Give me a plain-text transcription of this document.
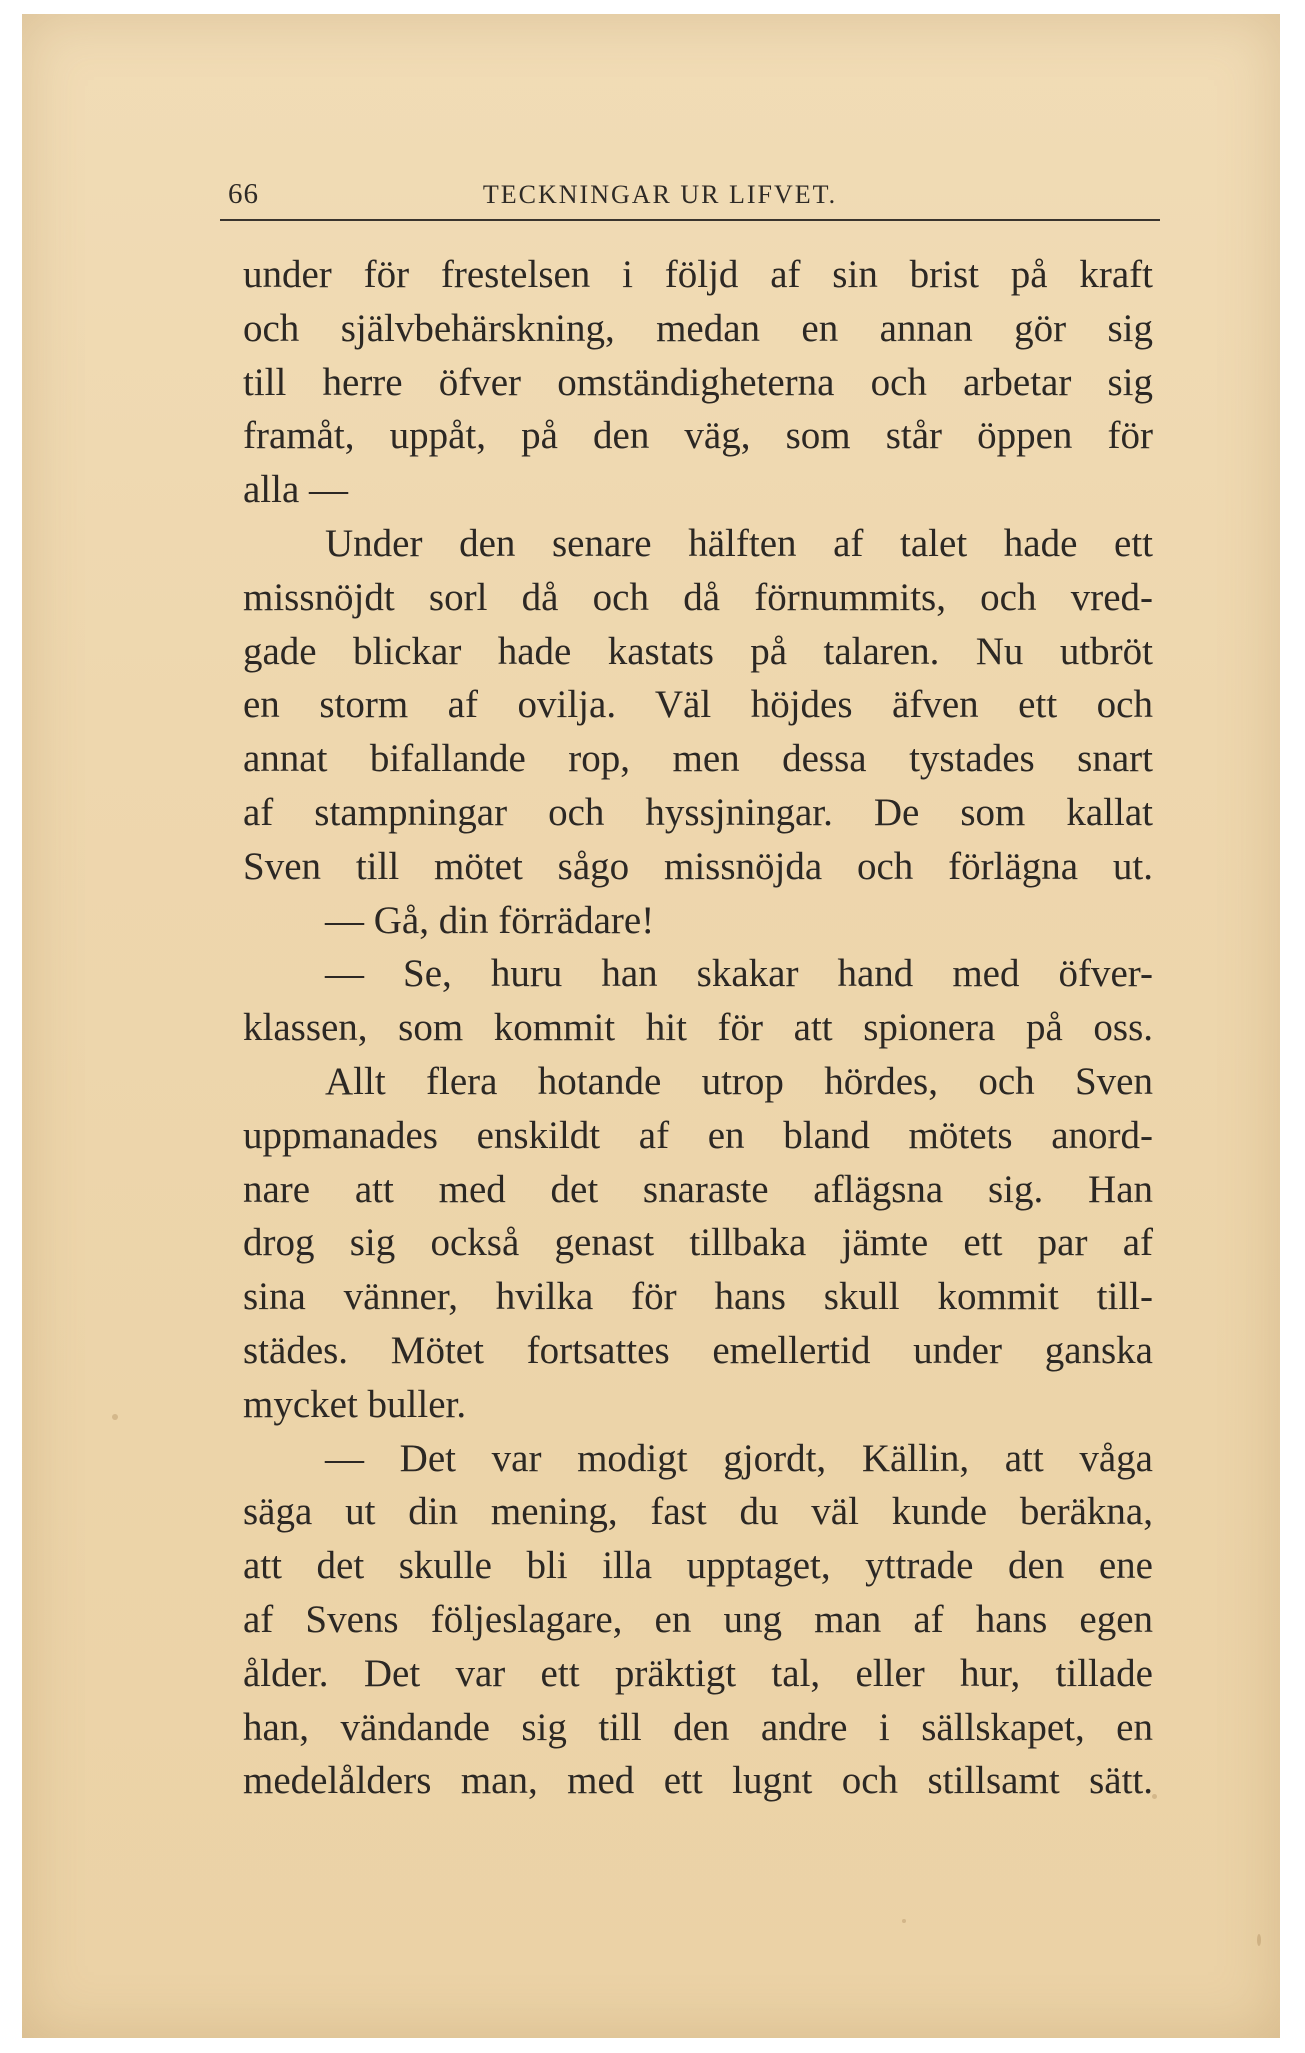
66	TECKNINGAR UR LIFVET.
under för frestelsen i följd af sin brist på kraft
och självbehärskning, medan en annan gör sig
till herre öfver omständigheterna och arbetar sig
framåt, uppåt, på den väg, som står öppen för
alla —
Under den senare hälften af talet hade ett
missnöjdt sorl då och då förnummits, och vred-
gade blickar hade kastats på talaren. Nu utbröt
en storm af ovilja. Väl höjdes äfven ett och
annat bifallande rop, men dessa tystades snart
af stampningar och hyssjningar. De som kallat
Sven till mötet sågo missnöjda och förlägna ut.
— Gå, din förrädare!
— Se, huru han skakar hand med öfver-
klassen, som kommit hit för att spionera på oss.
Allt flera hotande utrop hördes, och Sven
uppmanades enskildt af en bland mötets anord-
nare att med det snaraste aflägsna sig. Han
drog sig också genast tillbaka jämte ett par af
sina vänner, hvilka för hans skull kommit till-
städes. Mötet fortsattes emellertid under ganska
mycket buller.
— Det var modigt gjordt, Källin, att våga
säga ut din mening, fast du väl kunde beräkna,
att det skulle bli illa upptaget, yttrade den ene
af Svens följeslagare, en ung man af hans egen
ålder. Det var ett präktigt tal, eller hur, tillade
han, vändande sig till den andre i sällskapet, en
medelålders man, med ett lugnt och stillsamt sätt.
